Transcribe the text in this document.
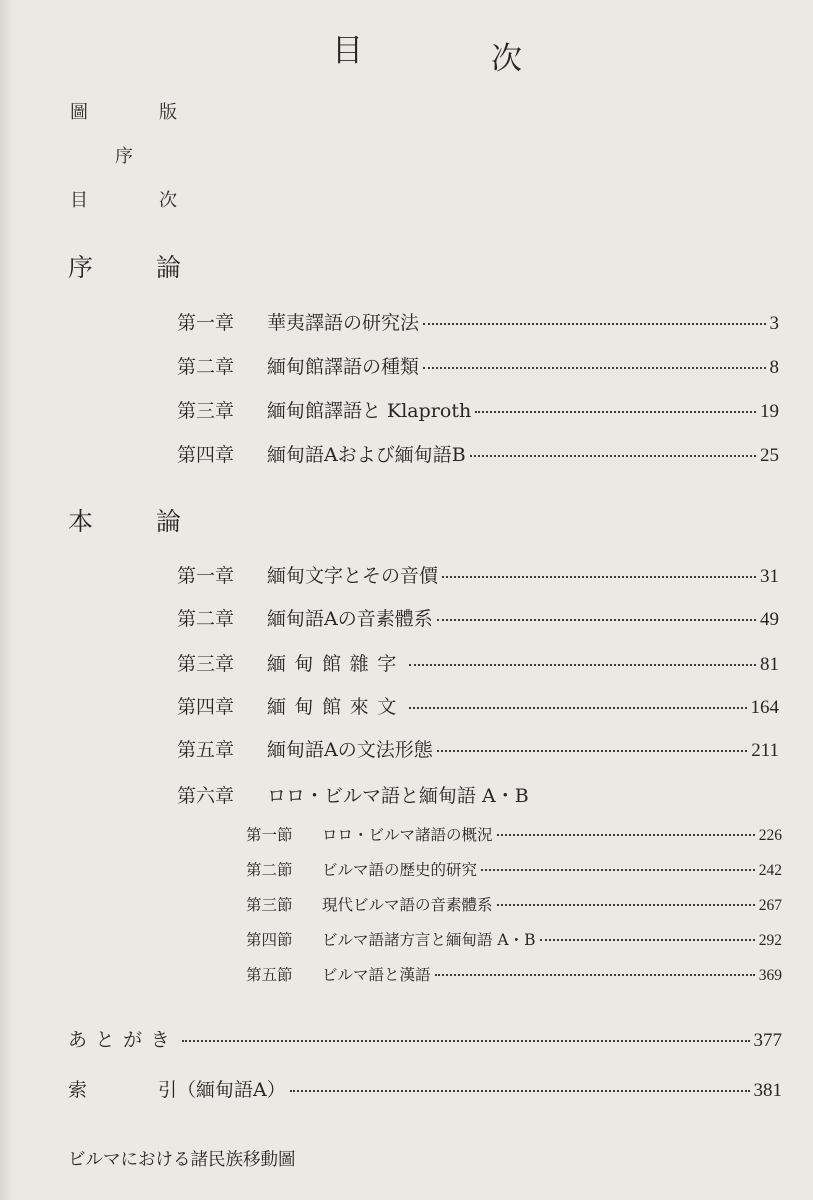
目	次
圖	版
序
目	次
序	論
第一章	華夷譯語の研究法	3
第二章	緬甸館譯語の種類	8
第三章	緬甸館譯語と Klaproth	19
第四章	緬甸語Aおよび緬甸語B	25
本	論
第一章	緬甸文字とその音價	31
第二章	緬甸語Aの音素體系	49
第三章	緬甸館雜字	81
第四章	緬甸館來文	164
第五章	緬甸語Aの文法形態	211
第六章	ロロ・ビルマ語と緬甸語 A・B
第一節	ロロ・ビルマ諸語の概況	226
第二節	ビルマ語の歴史的研究	242
第三節	現代ビルマ語の音素體系	267
第四節	ビルマ語諸方言と緬甸語 A・B	292
第五節	ビルマ語と漢語	369
あとがき	377
索	引（緬甸語A）	381
ビルマにおける諸民族移動圖
